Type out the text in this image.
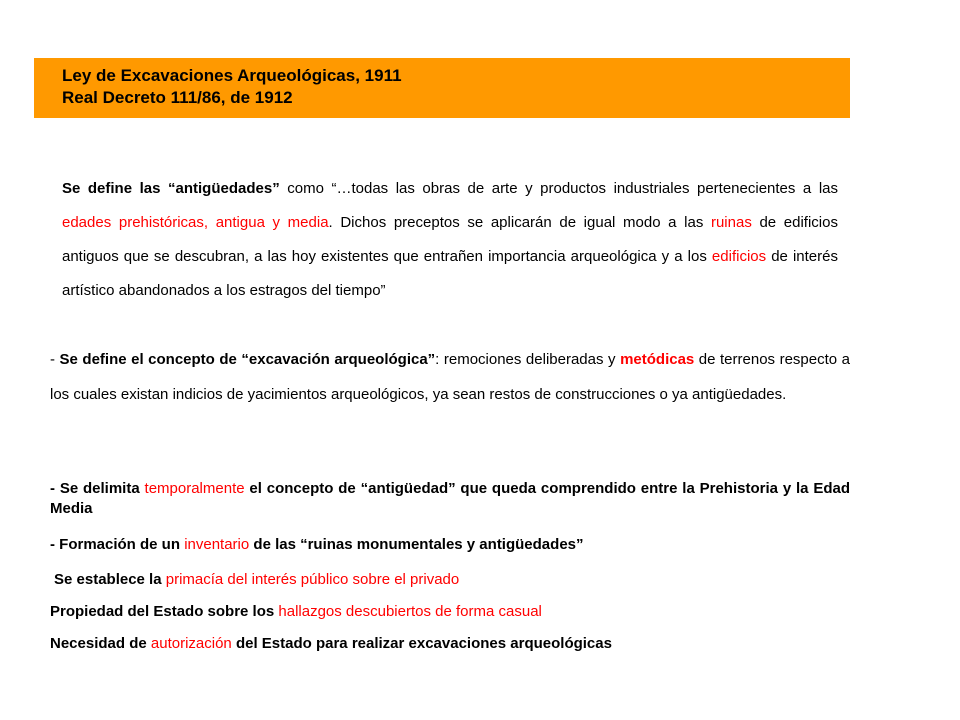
Ley de Excavaciones Arqueológicas, 1911
Real Decreto 111/86, de 1912
Se define las “antigüedades” como “…todas las obras de arte y productos industriales pertenecientes a las edades prehistóricas, antigua y media. Dichos preceptos se aplicarán de igual modo a las ruinas de edificios antiguos que se descubran, a las hoy existentes que entrañen importancia arqueológica y a los edificios de interés artístico abandonados a los estragos del tiempo”
- Se define el concepto de “excavación arqueológica”: remociones deliberadas y metódicas de terrenos respecto a los cuales existan indicios de yacimientos arqueológicos, ya sean restos de construcciones o ya antigüedades.
- Se delimita temporalmente el concepto de “antigüedad” que queda comprendido entre la Prehistoria y la Edad Media
- Formación de un inventario de las “ruinas monumentales y antigüedades”
Se establece la primacía del interés público sobre el privado
Propiedad del Estado sobre los hallazgos descubiertos de forma casual
Necesidad de autorización del Estado para realizar excavaciones arqueológicas
